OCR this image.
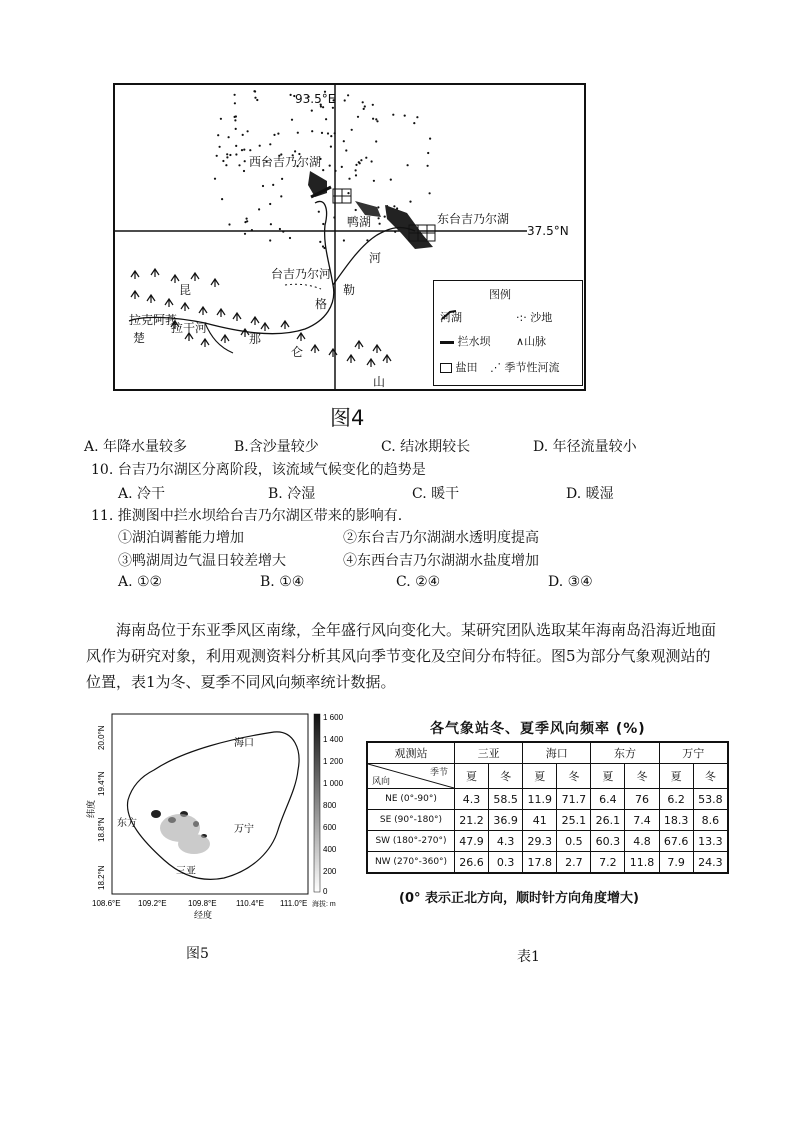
93.5°E
37.5°N
西台吉乃尔湖
东台吉乃尔湖
鸭湖
台吉乃尔河
河
格
勒
昆
那
仑
山
拉克阿莪
拉干河
楚
图例
河湖	·:· 沙地
拦水坝 ∧山脉
盐田 ⋰ 季节性河流
图4
A. 年降水量较多	B.含沙量较少	C. 结冰期较长	D. 年径流量较小
10. 台吉乃尔湖区分离阶段，该流域气候变化的趋势是
A. 冷干	B. 冷湿	C. 暖干	D. 暖湿
11. 推测图中拦水坝给台吉乃尔湖区带来的影响有.
①湖泊调蓄能力增加	②东台吉乃尔湖湖水透明度提高
③鸭湖周边气温日较差增大	④东西台吉乃尔湖湖水盐度增加
A. ①②	B. ①④	C. ②④	D. ③④
海南岛位于东亚季风区南缘，全年盛行风向变化大。某研究团队选取某年海南岛沿海近地面风作为研究对象，利用观测资料分析其风向季节变化及空间分布特征。图5为部分气象观测站的位置，表1为冬、夏季不同风向频率统计数据。
海口
东方
万宁
三亚
108.6°E 109.2°E	109.8°E 110.4°E 111.0°E
经度
20.0°N
19.4°N
18.8°N
18.2°N
纬度
1 600
1 400
1 200
1 000
800
600
400
200
0
海拔: m
各气象站冬、夏季风向频率 (%)
观测站	三亚		海口		东方		万宁	

季节
风向	夏	冬	夏	冬	夏	冬	夏	冬
NE (0°-90°)	4.3	58.5	11.9	71.7	6.4	76	6.2	53.8
SE (90°-180°)	21.2	36.9	41	25.1	26.1	7.4	18.3	8.6
SW (180°-270°)	47.9	4.3	29.3	0.5	60.3	4.8	67.6	13.3
NW (270°-360°)	26.6	0.3	17.8	2.7	7.2	11.8	7.9	24.3
(0° 表示正北方向，顺时针方向角度增大)
图5	表1
